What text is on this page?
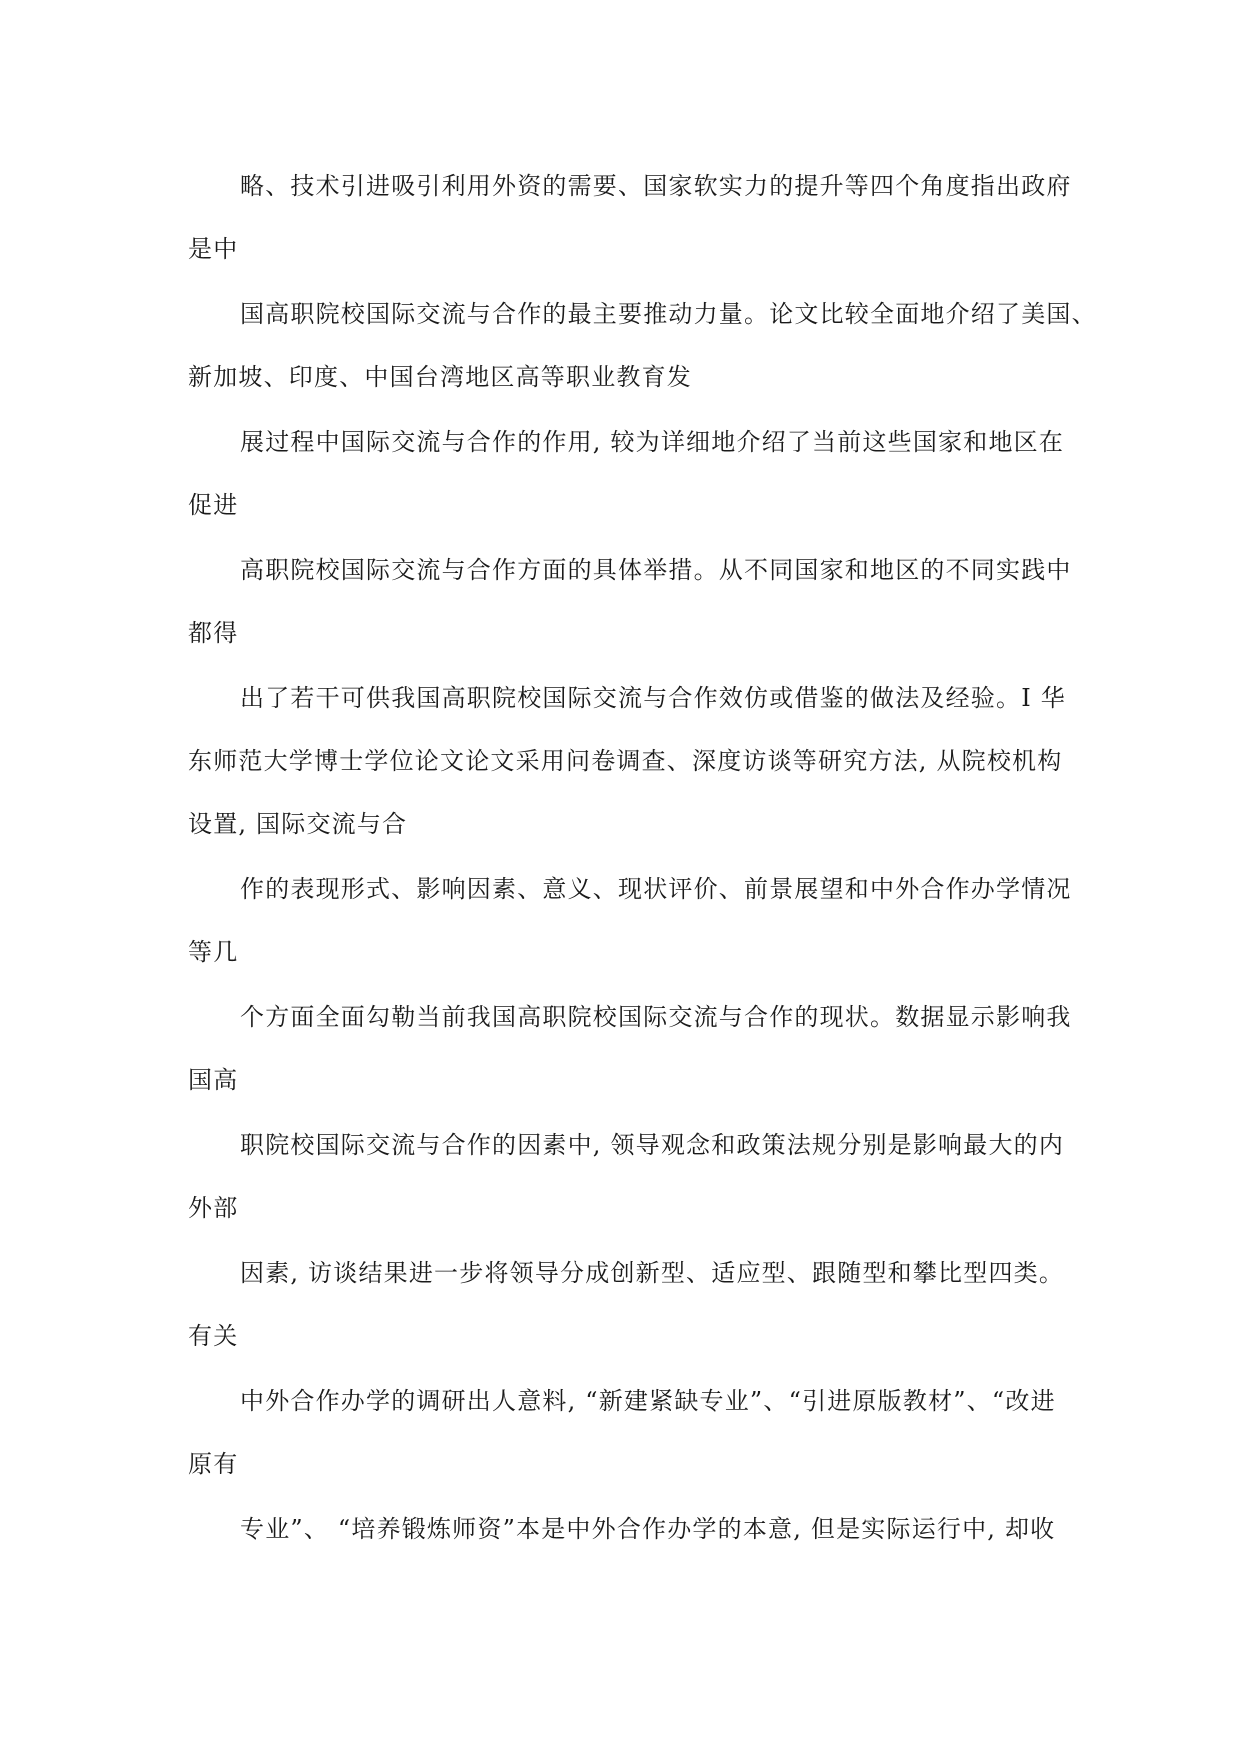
略、技术引进吸引利用外资的需要、国家软实力的提升等四个角度指出政府

是中

国高职院校国际交流与合作的最主要推动力量。论文比较全面地介绍了美国、

新加坡、印度、中国台湾地区高等职业教育发

展过程中国际交流与合作的作用, 较为详细地介绍了当前这些国家和地区在

促进

高职院校国际交流与合作方面的具体举措。从不同国家和地区的不同实践中

都得

出了若干可供我国高职院校国际交流与合作效仿或借鉴的做法及经验。I 华

东师范大学博士学位论文论文采用问卷调查、深度访谈等研究方法, 从院校机构

设置, 国际交流与合

作的表现形式、影响因素、意义、现状评价、前景展望和中外合作办学情况

等几

个方面全面勾勒当前我国高职院校国际交流与合作的现状。数据显示影响我

国高

职院校国际交流与合作的因素中, 领导观念和政策法规分别是影响最大的内

外部

因素, 访谈结果进一步将领导分成创新型、适应型、跟随型和攀比型四类。

有关

中外合作办学的调研出人意料, “新建紧缺专业”、“引进原版教材”、“改进

原有

专业”、 “培养锻炼师资”本是中外合作办学的本意, 但是实际运行中, 却收
